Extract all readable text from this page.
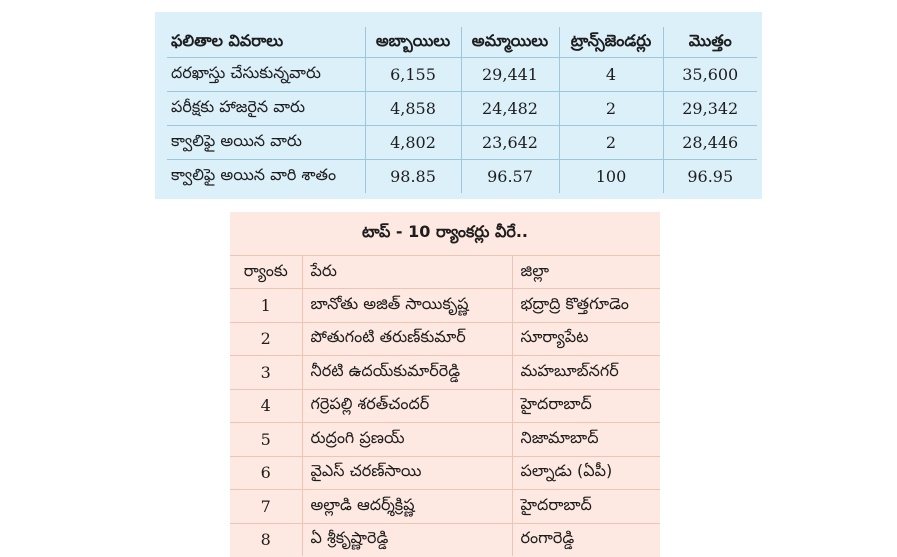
ఫలితాల వివరాలు	అబ్బాయిలు	అమ్మాయిలు	ట్రాన్స్‌జెండర్లు	మొత్తం
దరఖాస్తు చేసుకున్నవారు	6,155	29,441	4	35,600
పరీక్షకు హాజరైన వారు	4,858	24,482	2	29,342
క్వాలిఫై అయిన వారు	4,802	23,642	2	28,446
క్వాలిఫై అయిన వారి శాతం	98.85	96.57	100	96.95
టాప్ - 10 ర్యాంకర్లు వీరే..
ర్యాంకు	పేరు	జిల్లా
1	బానోతు అజిత్ సాయికృష్ణ	భద్రాద్రి కొత్తగూడెం
2	పోతుగంటి తరుణ్‌కుమార్	సూర్యాపేట
3	నీరటి ఉదయ్‌కుమార్‌రెడ్డి	మహబూబ్‌నగర్
4	గర్రెపల్లి శరత్‌చందర్	హైదరాబాద్
5	రుద్రంగి ప్రణయ్	నిజామాబాద్
6	వైఎస్ చరణ్‌సాయి	పల్నాడు (ఏపీ)
7	అల్లాడి ఆదర్శ్‌క్రిష్ణ	హైదరాబాద్
8	ఏ శ్రీకృష్ణారెడ్డి	రంగారెడ్డి
